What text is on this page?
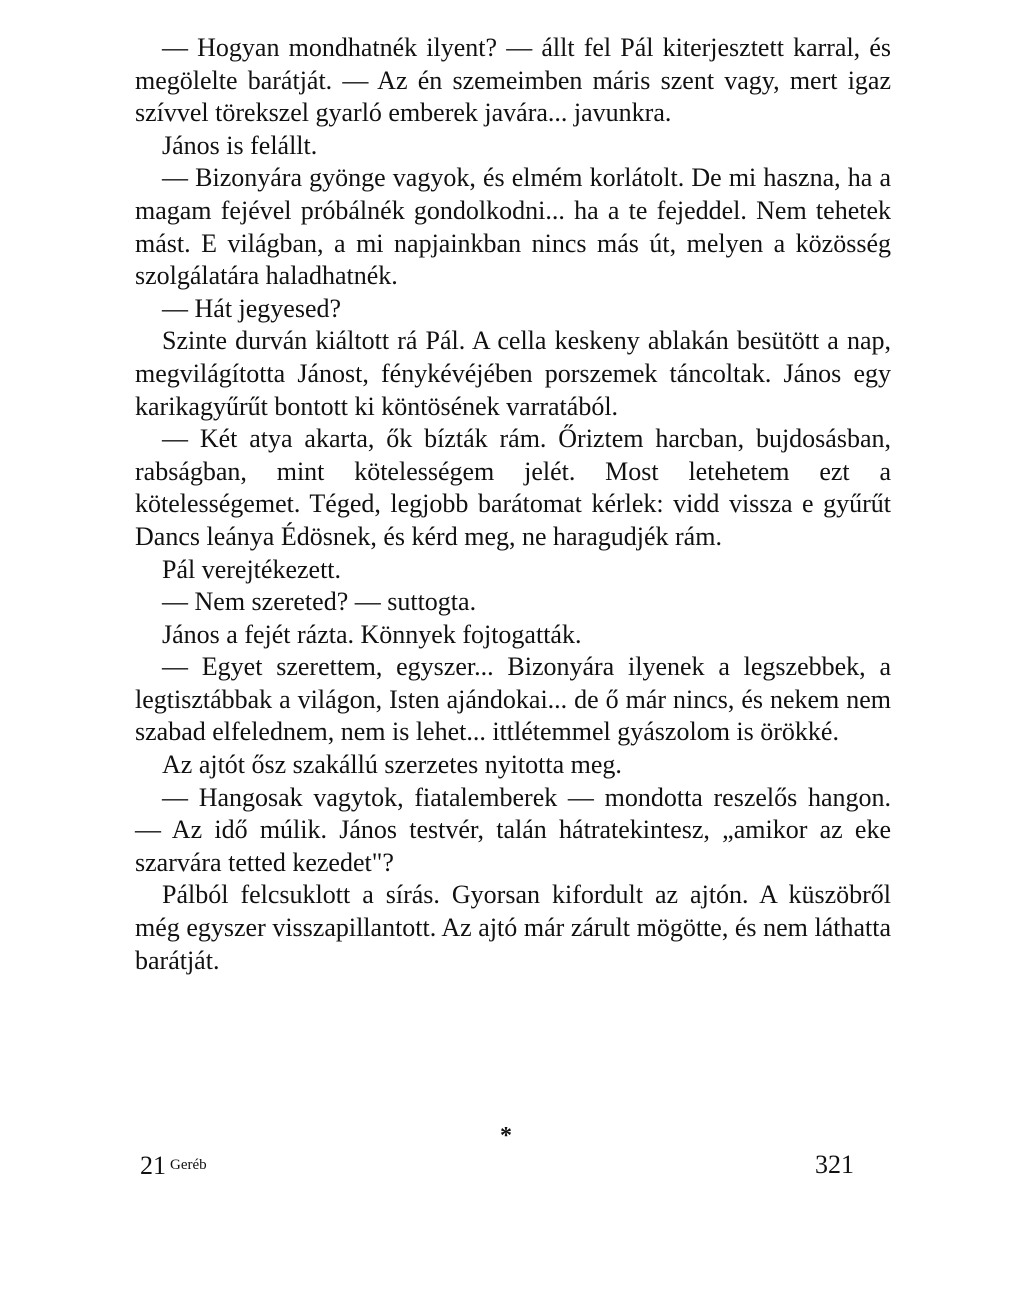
— Hogyan mondhatnék ilyent? — állt fel Pál kiterjesztett karral, és megölelte barátját. — Az én szemeimben máris szent vagy, mert igaz szívvel törekszel gyarló emberek javára... javunkra.

János is felállt.

— Bizonyára gyönge vagyok, és elmém korlátolt. De mi haszna, ha a magam fejével próbálnék gondolkodni... ha a te fejeddel. Nem tehetek mást. E világban, a mi napjainkban nincs más út, melyen a közösség szolgálatára haladhatnék.

— Hát jegyesed?

Szinte durván kiáltott rá Pál. A cella keskeny ablakán besütött a nap, megvilágította Jánost, fénykévéjében porszemek táncoltak. János egy karikagyűrűt bontott ki köntösének varratából.

— Két atya akarta, ők bízták rám. Őriztem harcban, bujdosásban, rabságban, mint kötelességem jelét. Most letehetem ezt a kötelességemet. Téged, legjobb barátomat kérlek: vidd vissza e gyűrűt Dancs leánya Édösnek, és kérd meg, ne haragudjék rám.

Pál verejtékezett.

— Nem szereted? — suttogta.

János a fejét rázta. Könnyek fojtogatták.

— Egyet szerettem, egyszer... Bizonyára ilyenek a legszebbek, a legtisztábbak a világon, Isten ajándokai... de ő már nincs, és nekem nem szabad elfelednem, nem is lehet... ittlétemmel gyászolom is örökké.

Az ajtót ősz szakállú szerzetes nyitotta meg.

— Hangosak vagytok, fiatalemberek — mondotta reszelős hangon. — Az idő múlik. János testvér, talán hátratekintesz, „amikor az eke szarvára tetted kezedet"?

Pálból felcsuklott a sírás. Gyorsan kifordult az ajtón. A küszöbről még egyszer visszapillantott. Az ajtó már zárult mögötte, és nem láthatta barátját.

*
21 Geréb	321
